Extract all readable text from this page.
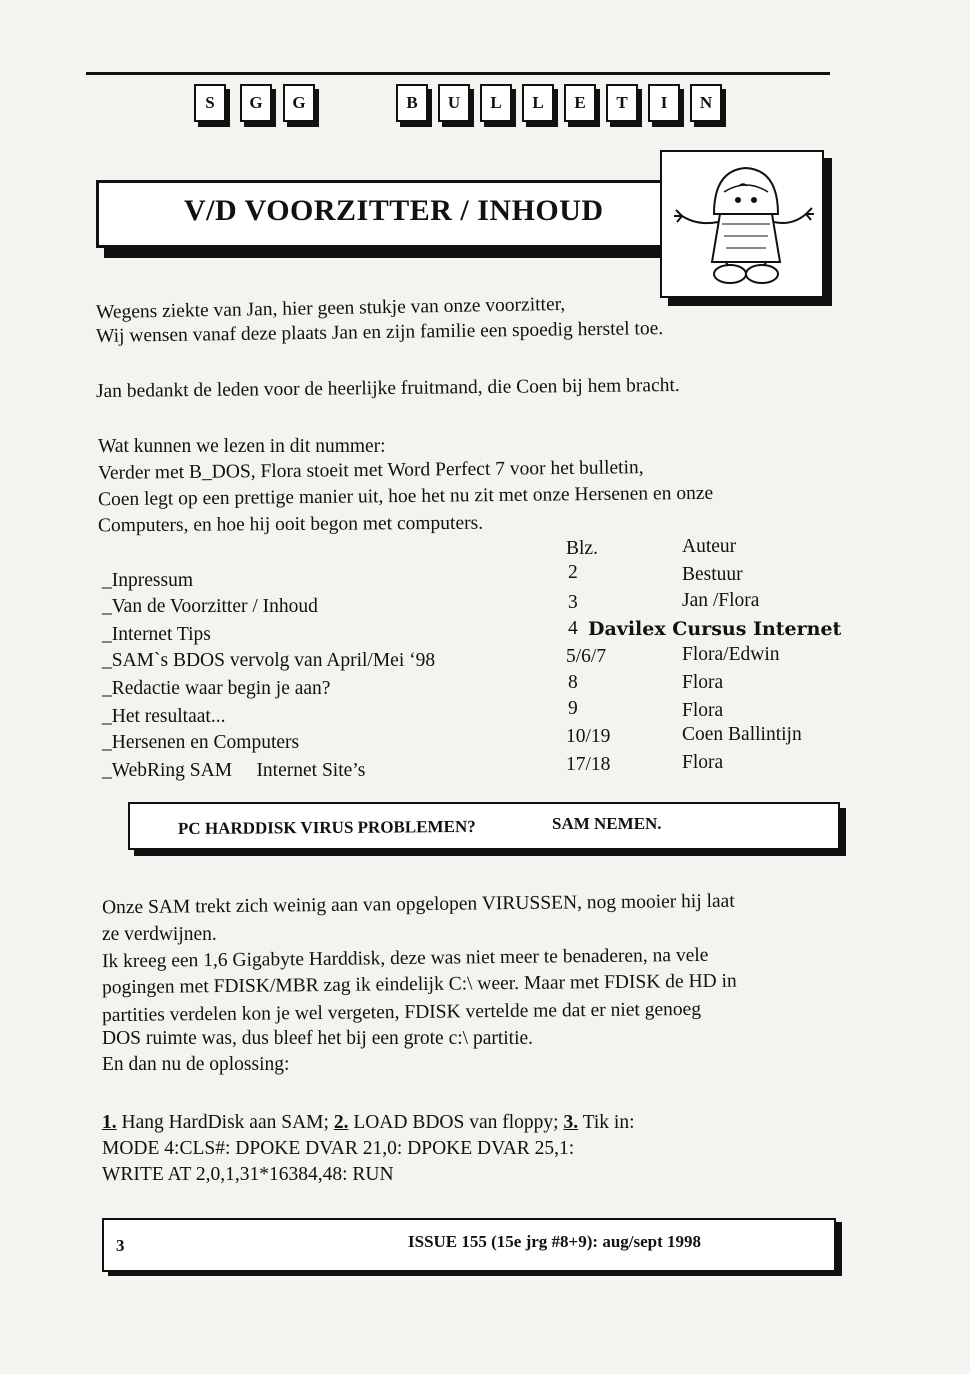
S	G	G	B	U	L	L	E	T	I	N
V/D VOORZITTER / INHOUD
Wegens ziekte van Jan, hier geen stukje van onze voorzitter,
Wij wensen vanaf deze plaats Jan en zijn familie een spoedig herstel toe.
Jan bedankt de leden voor de heerlijke fruitmand, die Coen bij hem bracht.
Wat kunnen we lezen in dit nummer:
Verder met B_DOS, Flora stoeit met Word Perfect 7 voor het bulletin,
Coen legt op een prettige manier uit, hoe het nu zit met onze Hersenen en onze
Computers, en hoe hij ooit begon met computers.
Blz.	Auteur
_Inpressum	2	Bestuur
_Van de Voorzitter / Inhoud	3	Jan /Flora
_Internet Tips	4 Davilex Cursus Internet
_SAM`s BDOS vervolg van April/Mei ‘98	5/6/7	Flora/Edwin
_Redactie waar begin je aan?	8	Flora
_Het resultaat...	9	Flora
_Hersenen en Computers	10/19	Coen Ballintijn
_WebRing SAM     Internet Site’s	17/18	Flora
PC HARDDISK VIRUS PROBLEMEN?	SAM NEMEN.
Onze SAM trekt zich weinig aan van opgelopen VIRUSSEN, nog mooier hij laat
ze verdwijnen.
Ik kreeg een 1,6 Gigabyte Harddisk, deze was niet meer te benaderen, na vele
pogingen met FDISK/MBR zag ik eindelijk C:\ weer. Maar met FDISK de HD in
partities verdelen kon je wel vergeten, FDISK vertelde me dat er niet genoeg
DOS ruimte was, dus bleef het bij een grote c:\ partitie.
En dan nu de oplossing:
1. Hang HardDisk aan SAM; 2. LOAD BDOS van floppy; 3. Tik in:
MODE 4:CLS#: DPOKE DVAR 21,0: DPOKE DVAR 25,1:
WRITE AT 2,0,1,31*16384,48: RUN
3	ISSUE 155 (15e jrg #8+9): aug/sept 1998
